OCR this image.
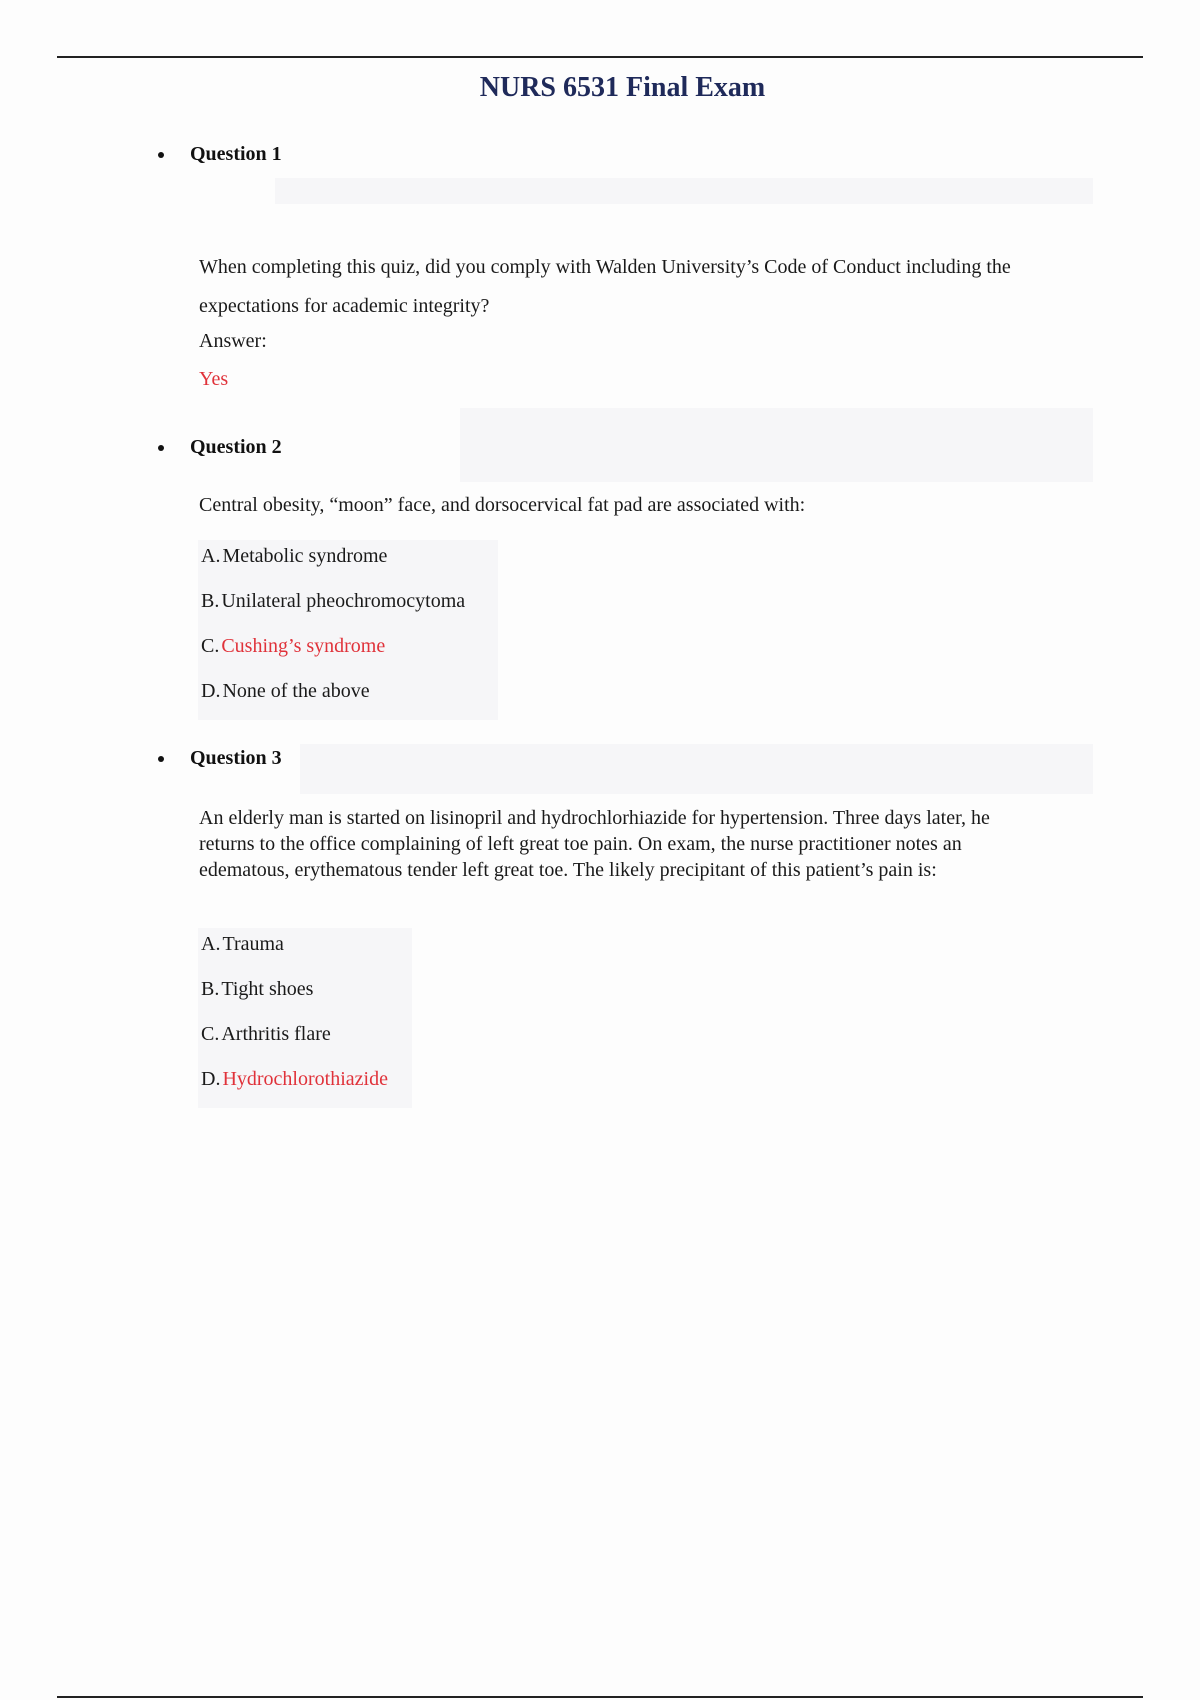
NURS 6531 Final Exam
Question 1

When completing this quiz, did you comply with Walden University’s Code of Conduct including the expectations for academic integrity?

Answer:
Yes
Question 2

Central obesity, “moon” face, and dorsocervical fat pad are associated with:

A. Metabolic syndrome
B. Unilateral pheochromocytoma
C. Cushing’s syndrome
D. None of the above
Question 3

An elderly man is started on lisinopril and hydrochlorhiazide for hypertension. Three days later, he returns to the office complaining of left great toe pain. On exam, the nurse practitioner notes an edematous, erythematous tender left great toe. The likely precipitant of this patient’s pain is:

A. Trauma
B. Tight shoes
C. Arthritis flare
D. Hydrochlorothiazide
